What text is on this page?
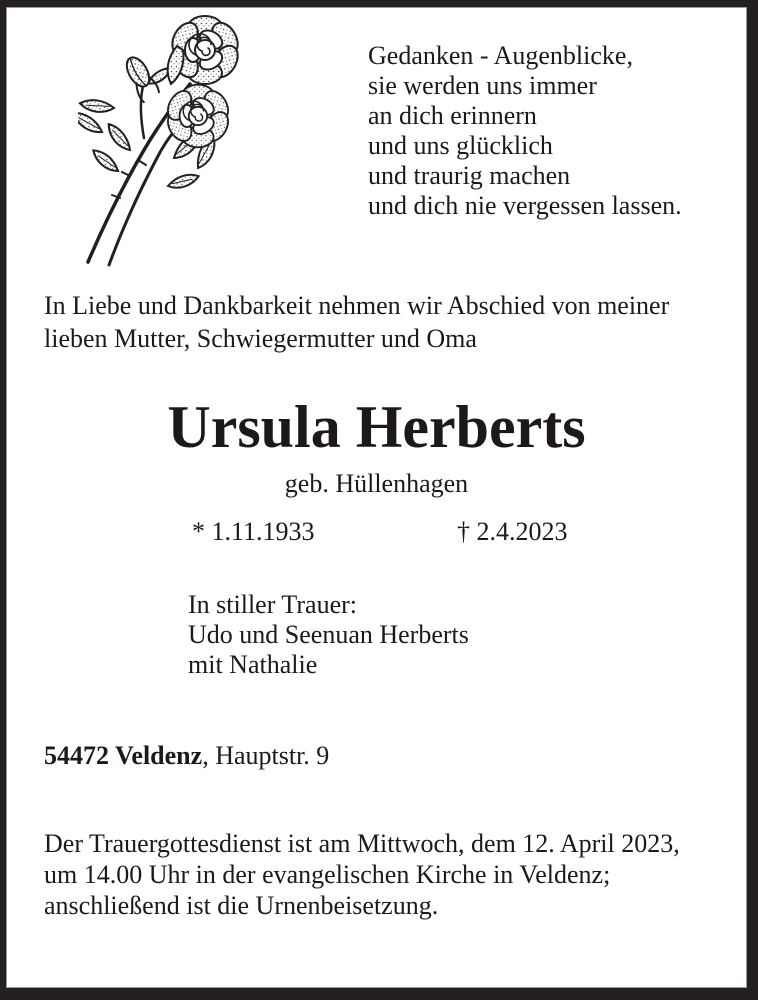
Gedanken - Augenblicke,
sie werden uns immer
an dich erinnern
und uns glücklich
und traurig machen
und dich nie vergessen lassen.
In Liebe und Dankbarkeit nehmen wir Abschied von meiner
lieben Mutter, Schwiegermutter und Oma
Ursula Herberts
geb. Hüllenhagen
* 1.11.1933	† 2.4.2023
In stiller Trauer:
Udo und Seenuan Herberts
mit Nathalie
54472 Veldenz, Hauptstr. 9
Der Trauergottesdienst ist am Mittwoch, dem 12. April 2023,
um 14.00 Uhr in der evangelischen Kirche in Veldenz;
anschließend ist die Urnenbeisetzung.
